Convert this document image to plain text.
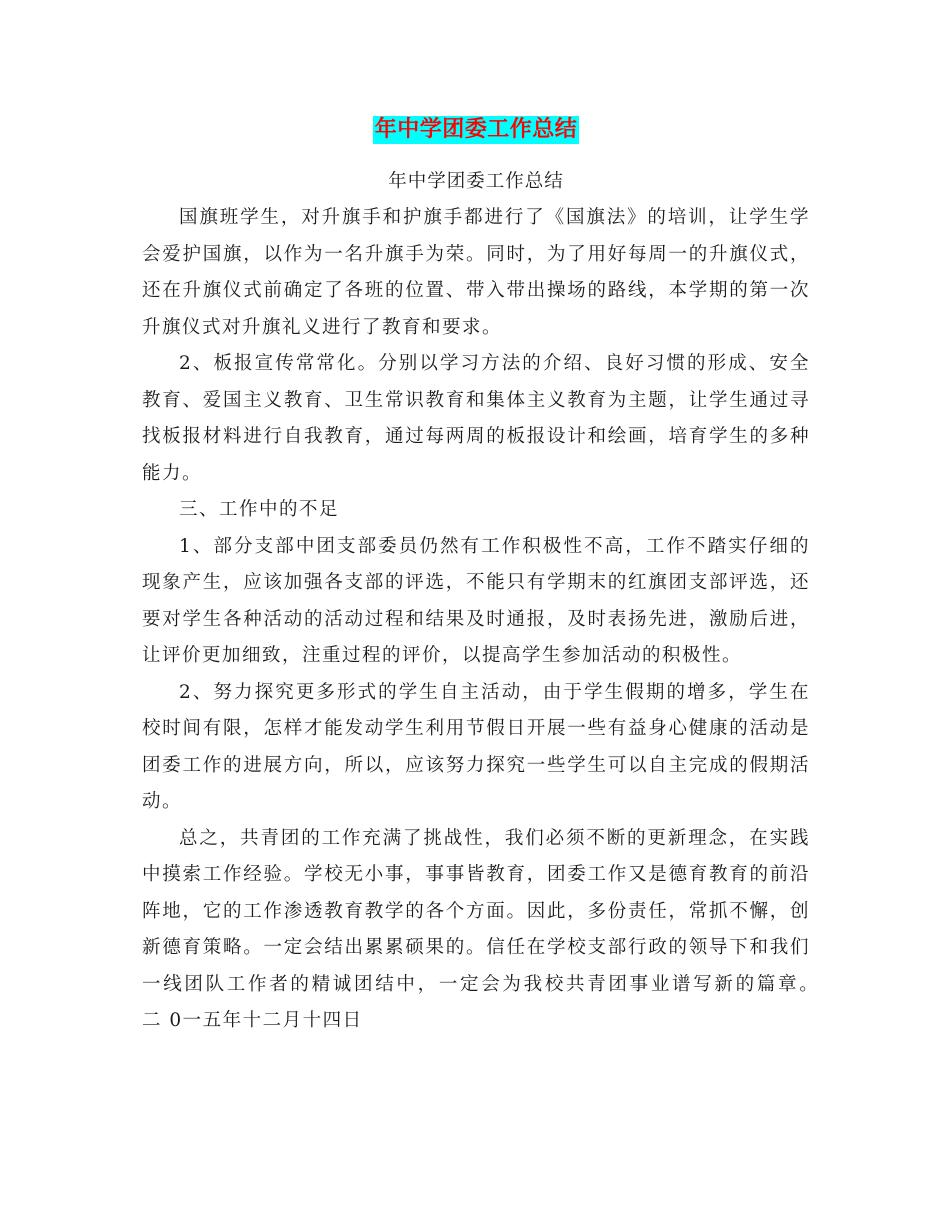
年中学团委工作总结
年中学团委工作总结

国旗班学生，对升旗手和护旗手都进行了《国旗法》的培训，让学生学会爱护国旗，以作为一名升旗手为荣。同时，为了用好每周一的升旗仪式，还在升旗仪式前确定了各班的位置、带入带出操场的路线，本学期的第一次升旗仪式对升旗礼义进行了教育和要求。

2、板报宣传常常化。分别以学习方法的介绍、良好习惯的形成、安全教育、爱国主义教育、卫生常识教育和集体主义教育为主题，让学生通过寻找板报材料进行自我教育，通过每两周的板报设计和绘画，培育学生的多种能力。

三、工作中的不足

1、部分支部中团支部委员仍然有工作积极性不高，工作不踏实仔细的现象产生，应该加强各支部的评选，不能只有学期末的红旗团支部评选，还要对学生各种活动的活动过程和结果及时通报，及时表扬先进，激励后进，让评价更加细致，注重过程的评价，以提高学生参加活动的积极性。

2、努力探究更多形式的学生自主活动，由于学生假期的增多，学生在校时间有限，怎样才能发动学生利用节假日开展一些有益身心健康的活动是团委工作的进展方向，所以，应该努力探究一些学生可以自主完成的假期活动。

总之，共青团的工作充满了挑战性，我们必须不断的更新理念，在实践中摸索工作经验。学校无小事，事事皆教育，团委工作又是德育教育的前沿阵地，它的工作渗透教育教学的各个方面。因此，多份责任，常抓不懈，创新德育策略。一定会结出累累硕果的。信任在学校支部行政的领导下和我们一线团队工作者的精诚团结中，一定会为我校共青团事业谱写新的篇章。　二 0一五年十二月十四日
